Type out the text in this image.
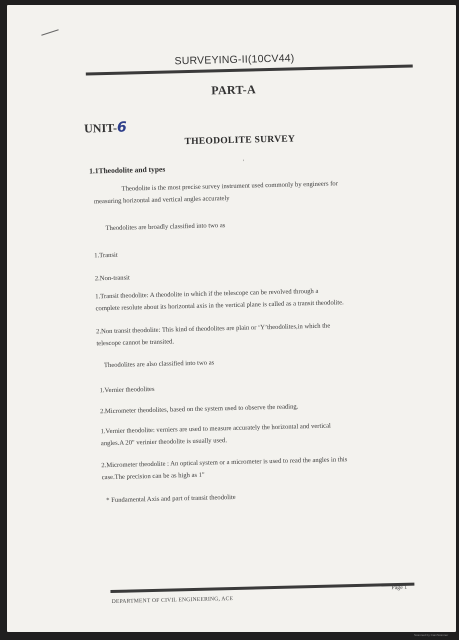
SURVEYING-II(10CV44)
PART-A
UNIT-6
THEODOLITE SURVEY
1.1Theodolite and types
′
Theodolite is the most precise survey instrument used commonly by engineers for
measuring horizontal and vertical angles accurately
Theodolites are broadly classified into two as
1.Transit
2.Non-transit
1.Transit theodolite: A theodolite in which if the telescope can be revolved through a
complete resolute about its horizontal axis in the vertical plane is called as a transit theodolite.
2.Non transit theodolite: This kind of theodolites are plain or ‘Y’theodolites,in which the
telescope cannot be transited.
Theodolites are also classified into two as
1.Vernier theodolites
2.Micrometer theodolites, based on the system used to observe the reading.
1.Vernier theodolite: verniers are used to measure accurately the horizontal and vertical
angles.A 20" verinier theodolite is usually used.
2.Micrometer theodolite : An optical system or a micrometer is used to read the angles in this
case.The precision can be as high as 1"
* Fundamental Axis and part of transit theodolite
DEPARTMENT OF CIVIL ENGINEERING, ACE
Page 1
Scanned by CamScanner
